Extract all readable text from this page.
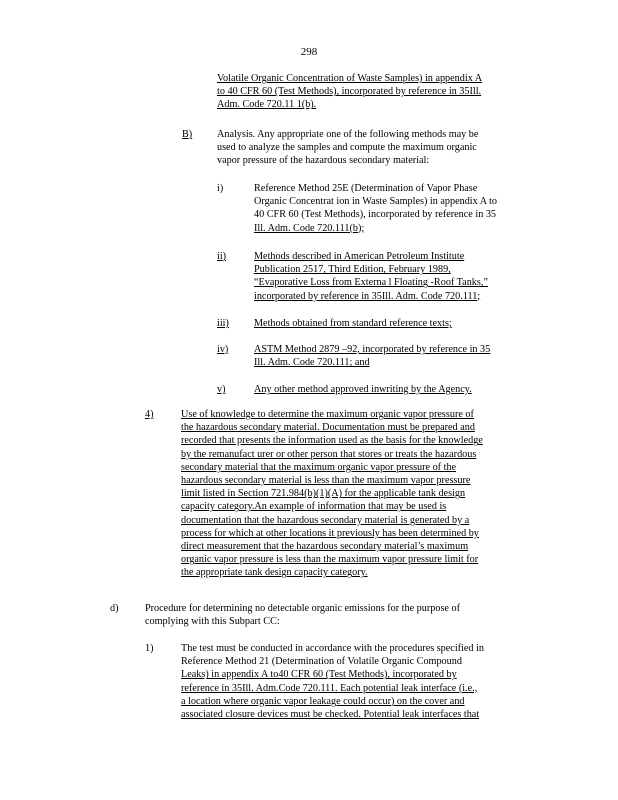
298
Volatile Organic Concentration of Waste Samples) in appendix A
to 40 CFR 60 (Test Methods), incorporated by reference in 35Ill.
Adm. Code 720.11 1(b).
B) Analysis. Any appropriate one of the following methods may be
used to analyze the samples and compute the maximum organic
vapor pressure of the hazardous secondary material:
i)	Reference Method 25E (Determination of Vapor Phase
Organic Concentrat ion in Waste Samples) in appendix A to
40 CFR 60 (Test Methods), incorporated by reference in 35
Ill. Adm. Code 720.111(b);
ii)	Methods described in American Petroleum Institute
Publication 2517, Third Edition, February 1989,
“Evaporative Loss from Externa l Floating -Roof Tanks,”
incorporated by reference in 35Ill. Adm. Code 720.111;
iii) Methods obtained from standard reference texts;
iv)	ASTM Method 2879 –92, incorporated by reference in 35
Ill. Adm. Code 720.111; and
v)	Any other method approved inwriting by the Agency.
4)	Use of knowledge to determine the maximum organic vapor pressure of
the hazardous secondary material. Documentation must be prepared and
recorded that presents the information used as the basis for the knowledge
by the remanufact urer or other person that stores or treats the hazardous
secondary material that the maximum organic vapor pressure of the
hazardous secondary material is less than the maximum vapor pressure
limit listed in Section 721.984(b)(1)(A) for the applicable tank design
capacity category.An example of information that may be used is
documentation that the hazardous secondary material is generated by a
process for which at other locations it previously has been determined by
direct measurement that the hazardous secondary material’s maximum
organic vapor pressure is less than the maximum vapor pressure limit for
the appropriate tank design capacity category.
d)	Procedure for determining no detectable organic emissions for the purpose of
complying with this Subpart CC:
1)	The test must be conducted in accordance with the procedures specified in
Reference Method 21 (Determination of Volatile Organic Compound
Leaks) in appendix A to40 CFR 60 (Test Methods), incorporated by
reference in 35Ill. Adm.Code 720.111. Each potential leak interface (i.e.,
a location where organic vapor leakage could occur) on the cover and
associated closure devices must be checked. Potential leak interfaces that
